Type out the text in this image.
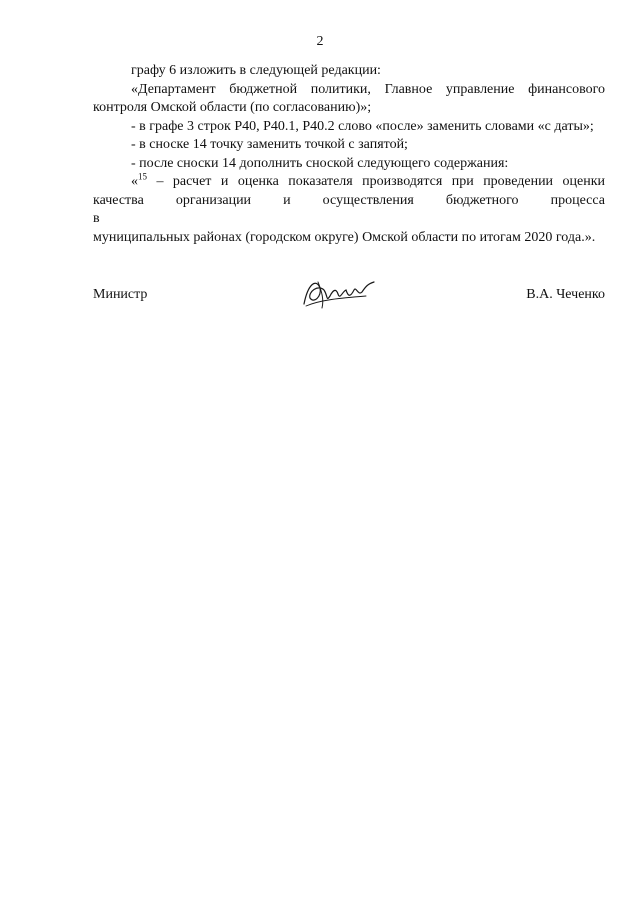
2

графу 6 изложить в следующей редакции:

«Департамент бюджетной политики, Главное управление финансового контроля Омской области (по согласованию)»;

- в графе 3 строк Р40, Р40.1, Р40.2 слово «после» заменить словами «с даты»;

- в сноске 14 точку заменить точкой с запятой;

- после сноски 14 дополнить сноской следующего содержания:

«$^{15}$ – расчет и оценка показателя производятся при проведении оценки

качества организации и осуществления бюджетного процесса в

муниципальных районах (городском округе) Омской области по итогам 2020 года.».

Министр	В.А. Чеченко
